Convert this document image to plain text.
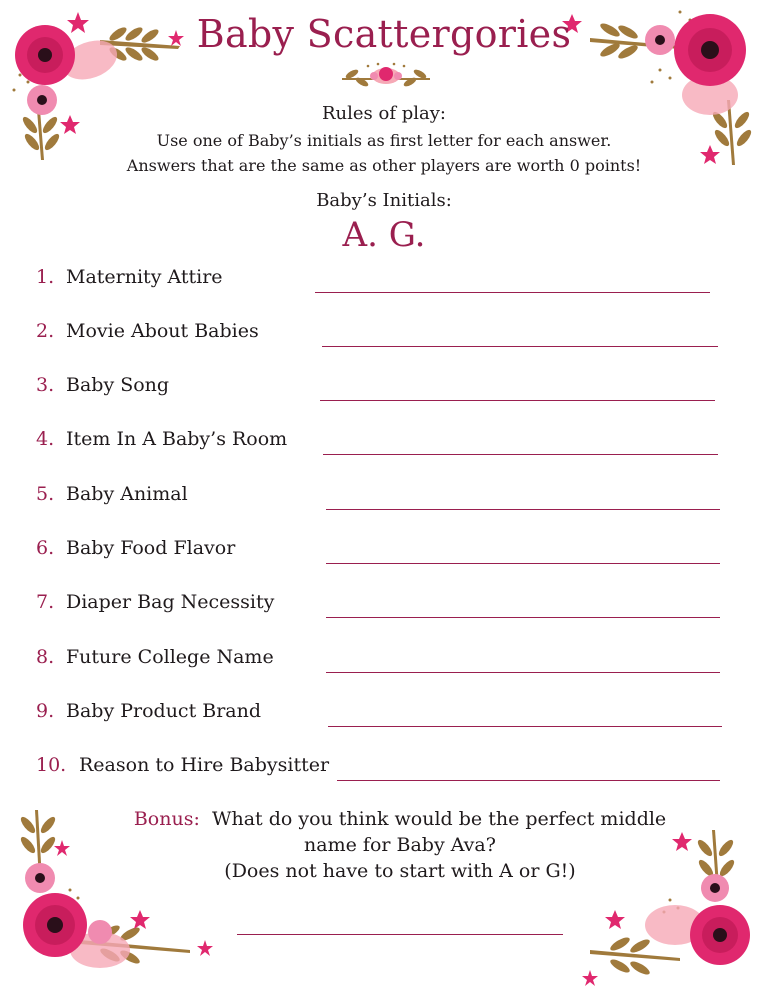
Baby Scattergories
Rules of play:
Use one of Baby’s initials as first letter for each answer.
Answers that are the same as other players are worth 0 points!
Baby’s Initials:
A. G.
1. Maternity Attire
2. Movie About Babies
3. Baby Song
4. Item In A Baby’s Room
5. Baby Animal
6. Baby Food Flavor
7. Diaper Bag Necessity
8. Future College Name
9. Baby Product Brand
10. Reason to Hire Babysitter
Bonus: What do you think would be the perfect middle
name for Baby Ava?
(Does not have to start with A or G!)
